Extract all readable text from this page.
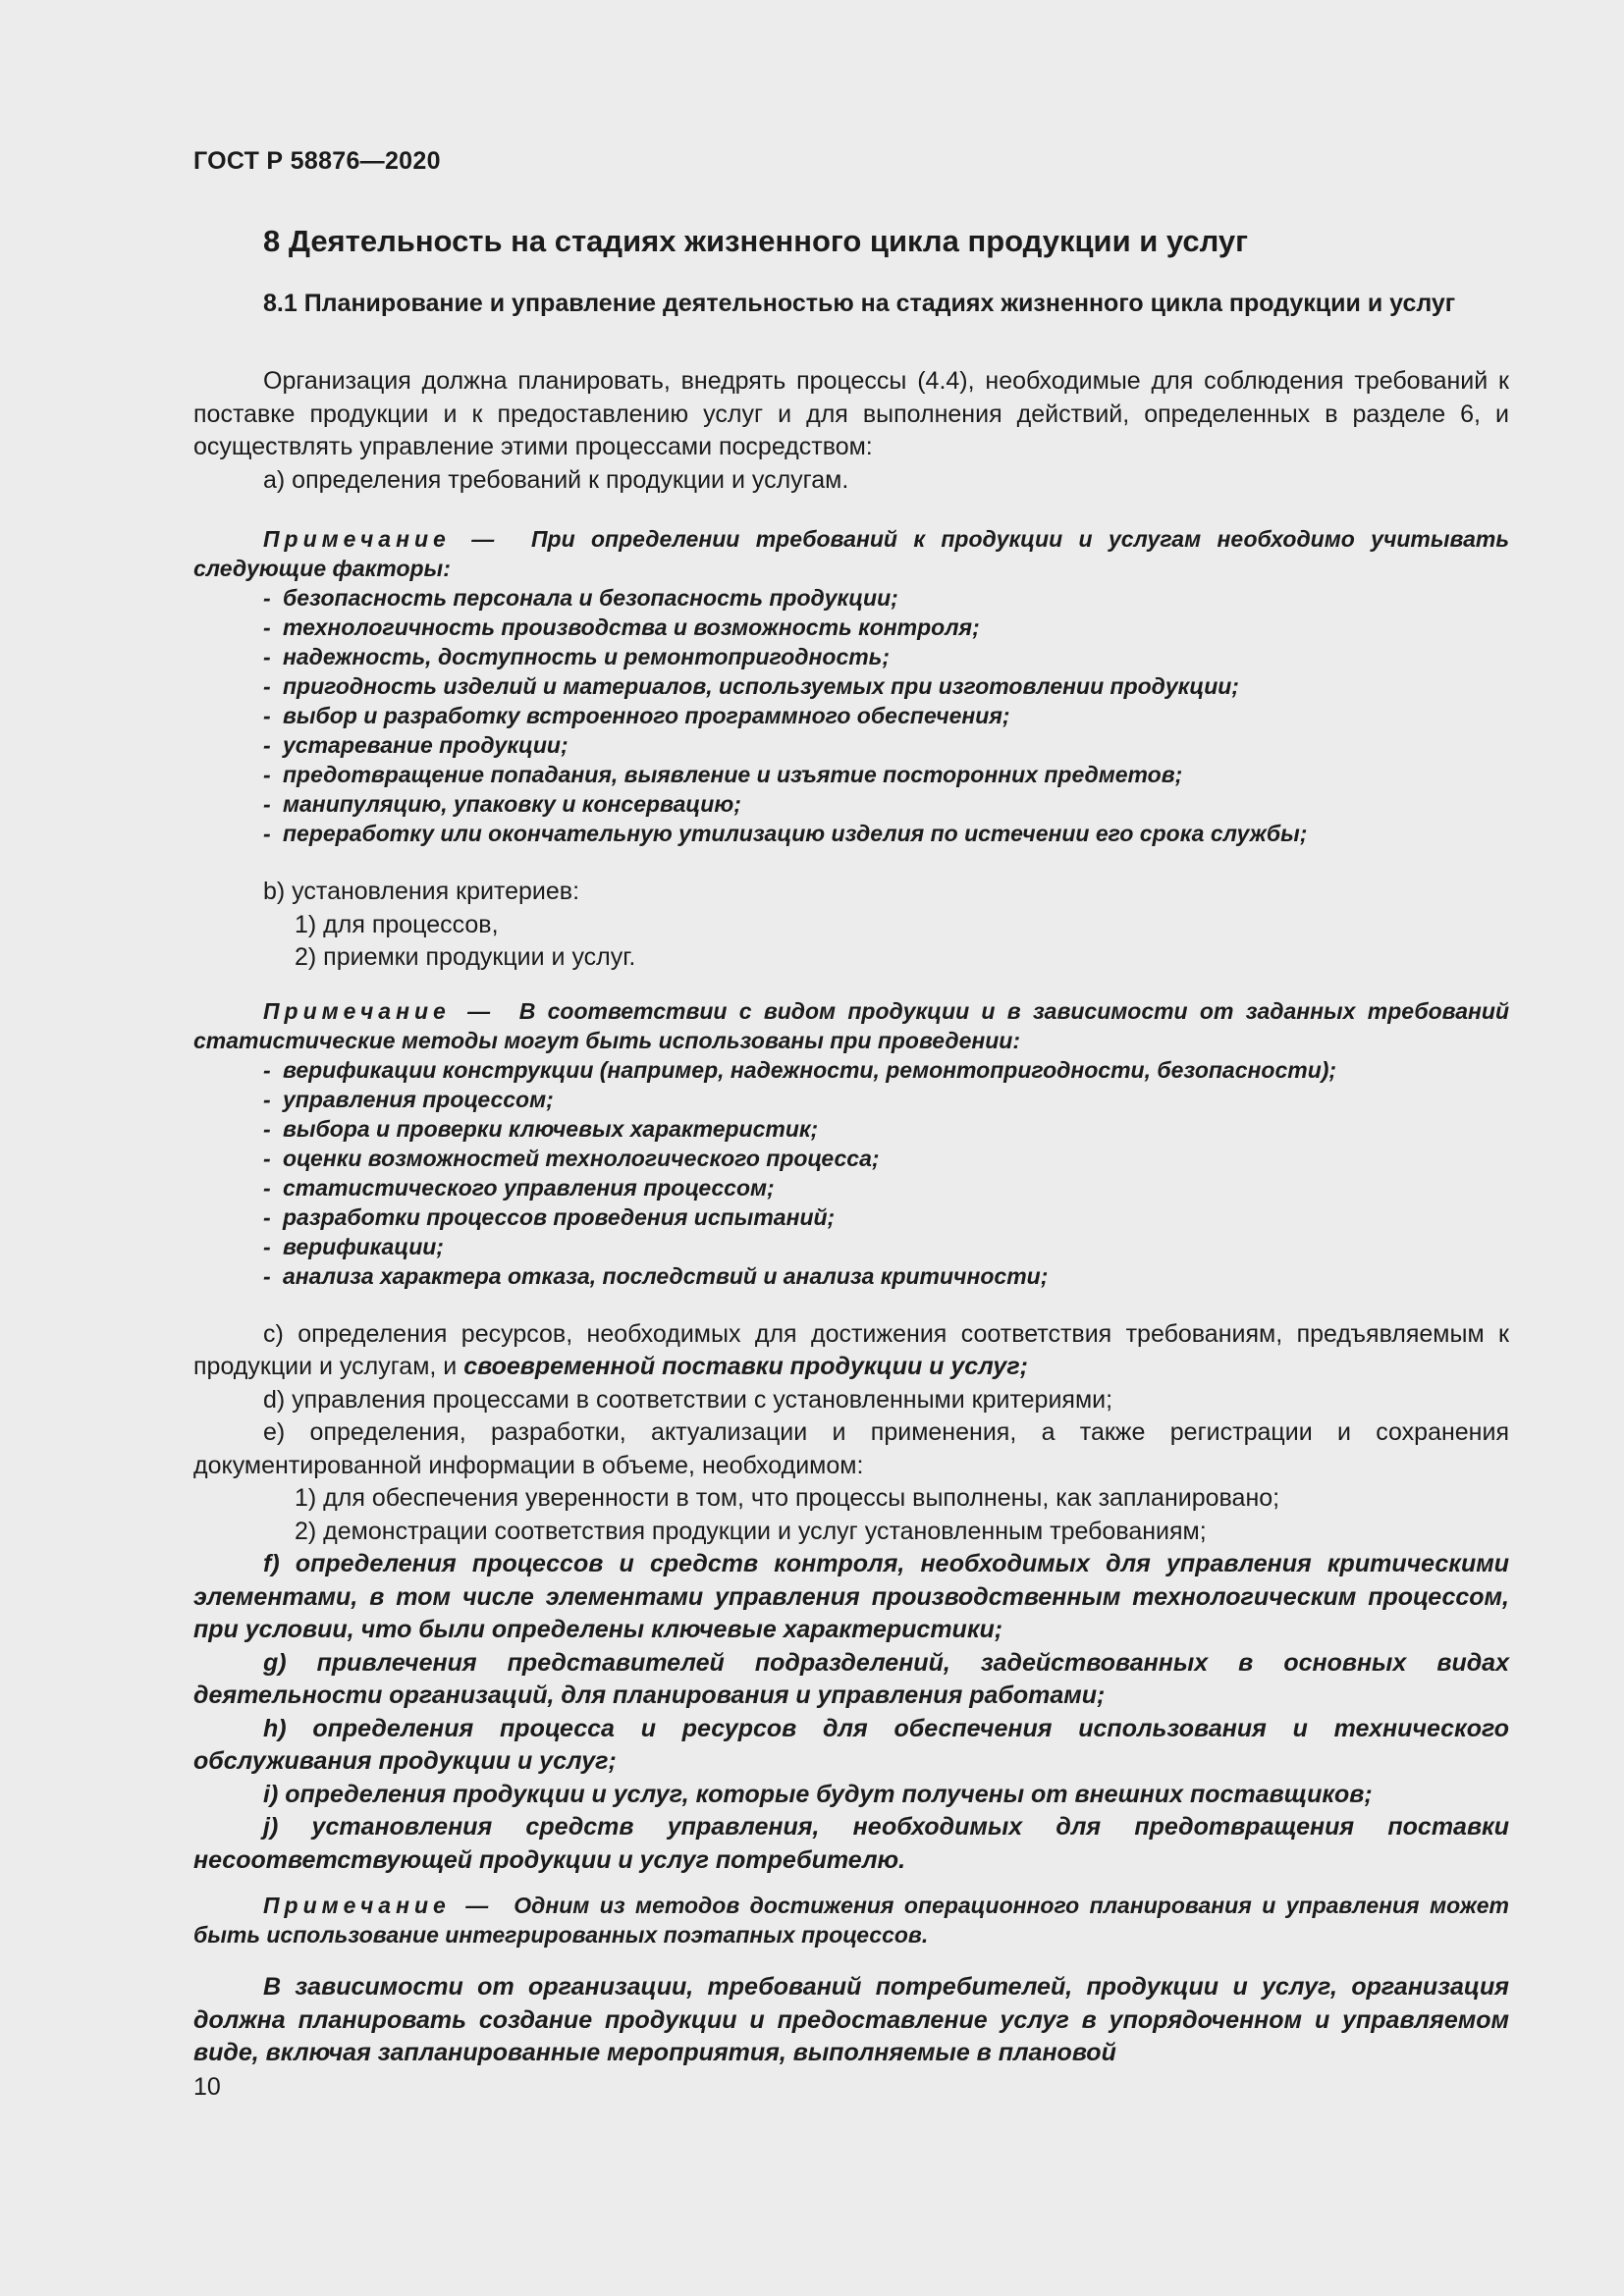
ГОСТ Р 58876—2020
8 Деятельность на стадиях жизненного цикла продукции и услуг
8.1 Планирование и управление деятельностью на стадиях жизненного цикла продукции и услуг

Организация должна планировать, внедрять процессы (4.4), необходимые для соблюдения требований к поставке продукции и к предоставлению услуг и для выполнения действий, определенных в разделе 6, и осуществлять управление этими процессами посредством:

а) определения требований к продукции и услугам.

Примечание — При определении требований к продукции и услугам необходимо учитывать следующие факторы:

- безопасность персонала и безопасность продукции;

- технологичность производства и возможность контроля;

- надежность, доступность и ремонтопригодность;

- пригодность изделий и материалов, используемых при изготовлении продукции;

- выбор и разработку встроенного программного обеспечения;

- устаревание продукции;

- предотвращение попадания, выявление и изъятие посторонних предметов;

- манипуляцию, упаковку и консервацию;

- переработку или окончательную утилизацию изделия по истечении его срока службы;

b) установления критериев:

1) для процессов,

2) приемки продукции и услуг.

Примечание — В соответствии с видом продукции и в зависимости от заданных требований статистические методы могут быть использованы при проведении:

- верификации конструкции (например, надежности, ремонтопригодности, безопасности);

- управления процессом;

- выбора и проверки ключевых характеристик;

- оценки возможностей технологического процесса;

- статистического управления процессом;

- разработки процессов проведения испытаний;

- верификации;

- анализа характера отказа, последствий и анализа критичности;

с) определения ресурсов, необходимых для достижения соответствия требованиям, предъявляемым к продукции и услугам, и своевременной поставки продукции и услуг;

d) управления процессами в соответствии с установленными критериями;

е) определения, разработки, актуализации и применения, а также регистрации и сохранения документированной информации в объеме, необходимом:

1) для обеспечения уверенности в том, что процессы выполнены, как запланировано;

2) демонстрации соответствия продукции и услуг установленным требованиям;

f) определения процессов и средств контроля, необходимых для управления критическими элементами, в том числе элементами управления производственным технологическим процессом, при условии, что были определены ключевые характеристики;

g) привлечения представителей подразделений, задействованных в основных видах деятельности организаций, для планирования и управления работами;

h) определения процесса и ресурсов для обеспечения использования и технического обслуживания продукции и услуг;

i) определения продукции и услуг, которые будут получены от внешних поставщиков;

j) установления средств управления, необходимых для предотвращения поставки несоответствующей продукции и услуг потребителю.

Примечание — Одним из методов достижения операционного планирования и управления может быть использование интегрированных поэтапных процессов.

В зависимости от организации, требований потребителей, продукции и услуг, организация должна планировать создание продукции и предоставление услуг в упорядоченном и управляемом виде, включая запланированные мероприятия, выполняемые в плановой

10
